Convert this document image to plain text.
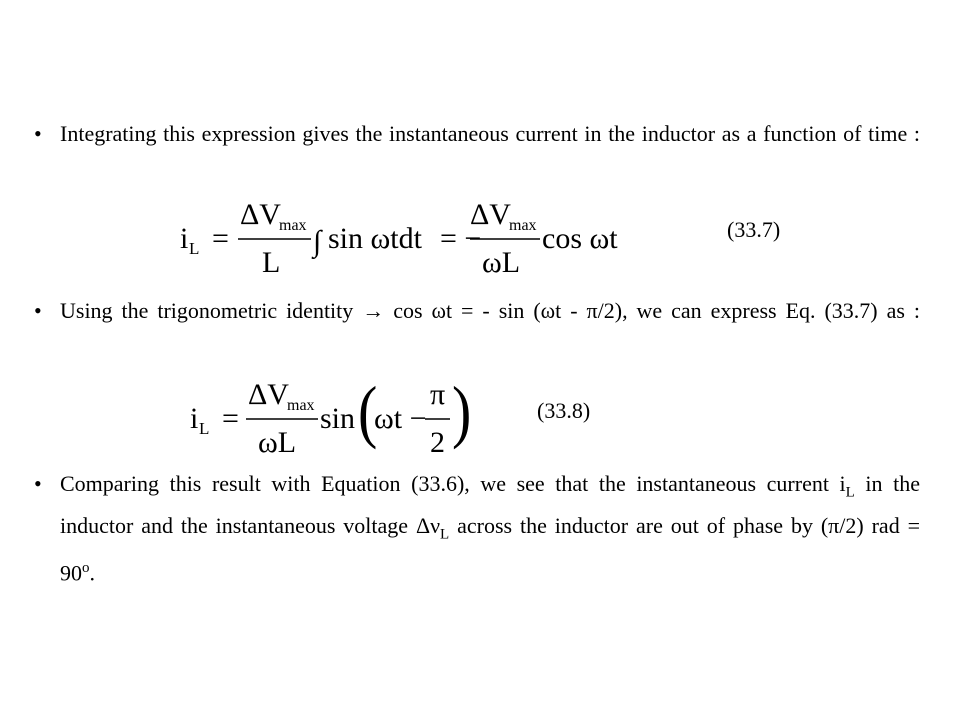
• Integrating this expression gives the instantaneous current in the inductor as a function of time :
i L =
ΔV
max
L
∫ sin ωtdt = −
ΔV
max
ωL
cos ωt	(33.7)
• Using the trigonometric identity → cos ωt = - sin (ωt - π/2), we can express Eq. (33.7) as :
i L =
ΔV
max
ωL
sin (
ωt −
π
2 )	(33.8)
• Comparing this result with Equation (33.6), we see that the instantaneous current $i_L$ in the inductor and the instantaneous voltage $\Delta\nu_L$ across the inductor are out of phase by (π/2) rad = $90^o$.
